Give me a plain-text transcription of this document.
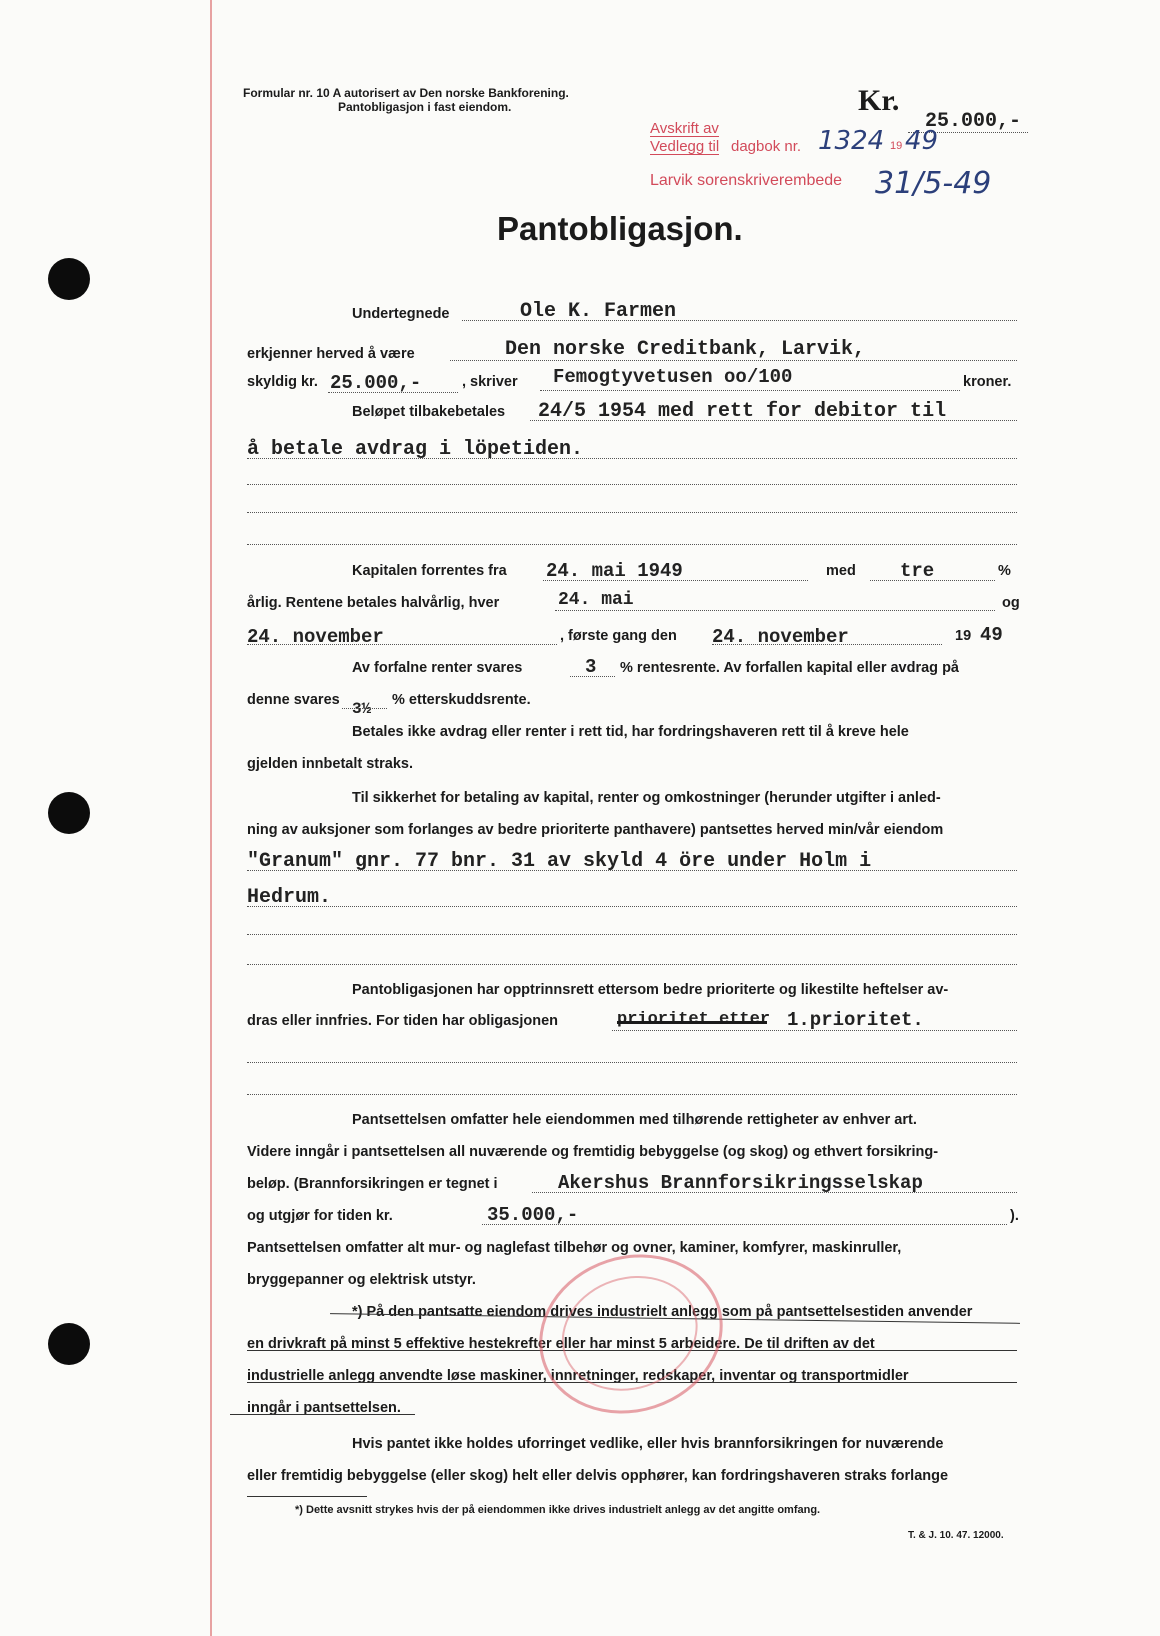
Formular nr. 10 A autorisert av Den norske Bankforening.
Pantobligasjon i fast eiendom.	Kr.
25.000,-
Avskrift av
Vedlegg til dagbok nr. 1324 19 49
Larvik sorenskriverembede 31/5-49
Pantobligasjon.
Undertegnede	Ole K. Farmen
erkjenner herved å være	Den norske Creditbank, Larvik,
skyldig kr. 25.000,-	, skriver Femogtyvetusen oo/100	kroner.
Beløpet tilbakebetales 24/5 1954 med rett for debitor til
å betale avdrag i löpetiden.
Kapitalen forrentes fra 24. mai 1949	med tre	%
årlig. Rentene betales halvårlig, hver	24. mai	og
24. november	, første gang den 24. november	19 49
Av forfalne renter svares	3 % rentesrente. Av forfallen kapital eller avdrag på
denne svares 3½ % etterskuddsrente.
Betales ikke avdrag eller renter i rett tid, har fordringshaveren rett til å kreve hele
gjelden innbetalt straks.
Til sikkerhet for betaling av kapital, renter og omkostninger (herunder utgifter i anled-
ning av auksjoner som forlanges av bedre prioriterte panthavere) pantsettes herved min/vår eiendom
"Granum" gnr. 77 bnr. 31 av skyld 4 öre under Holm i
Hedrum.
Pantobligasjonen har opptrinnsrett ettersom bedre prioriterte og likestilte heftelser av-
dras eller innfries. For tiden har obligasjonen	prioritet etter 1.prioritet.
Pantsettelsen omfatter hele eiendommen med tilhørende rettigheter av enhver art.
Videre inngår i pantsettelsen all nuværende og fremtidig bebyggelse (og skog) og ethvert forsikring-
beløp. (Brannforsikringen er tegnet i	Akershus Brannforsikringsselskap
og utgjør for tiden kr.	35.000,-	).
Pantsettelsen omfatter alt mur- og naglefast tilbehør og ovner, kaminer, komfyrer, maskinruller,
bryggepanner og elektrisk utstyr.
*) På den pantsatte eiendom drives industrielt anlegg som på pantsettelsestiden anvender
en drivkraft på minst 5 effektive hestekrefter eller har minst 5 arbeidere. De til driften av det
industrielle anlegg anvendte løse maskiner, innretninger, redskaper, inventar og transportmidler
inngår i pantsettelsen.
Hvis pantet ikke holdes uforringet vedlike, eller hvis brannforsikringen for nuværende
eller fremtidig bebyggelse (eller skog) helt eller delvis opphører, kan fordringshaveren straks forlange
*) Dette avsnitt strykes hvis der på eiendommen ikke drives industrielt anlegg av det angitte omfang.
T. & J. 10. 47. 12000.
